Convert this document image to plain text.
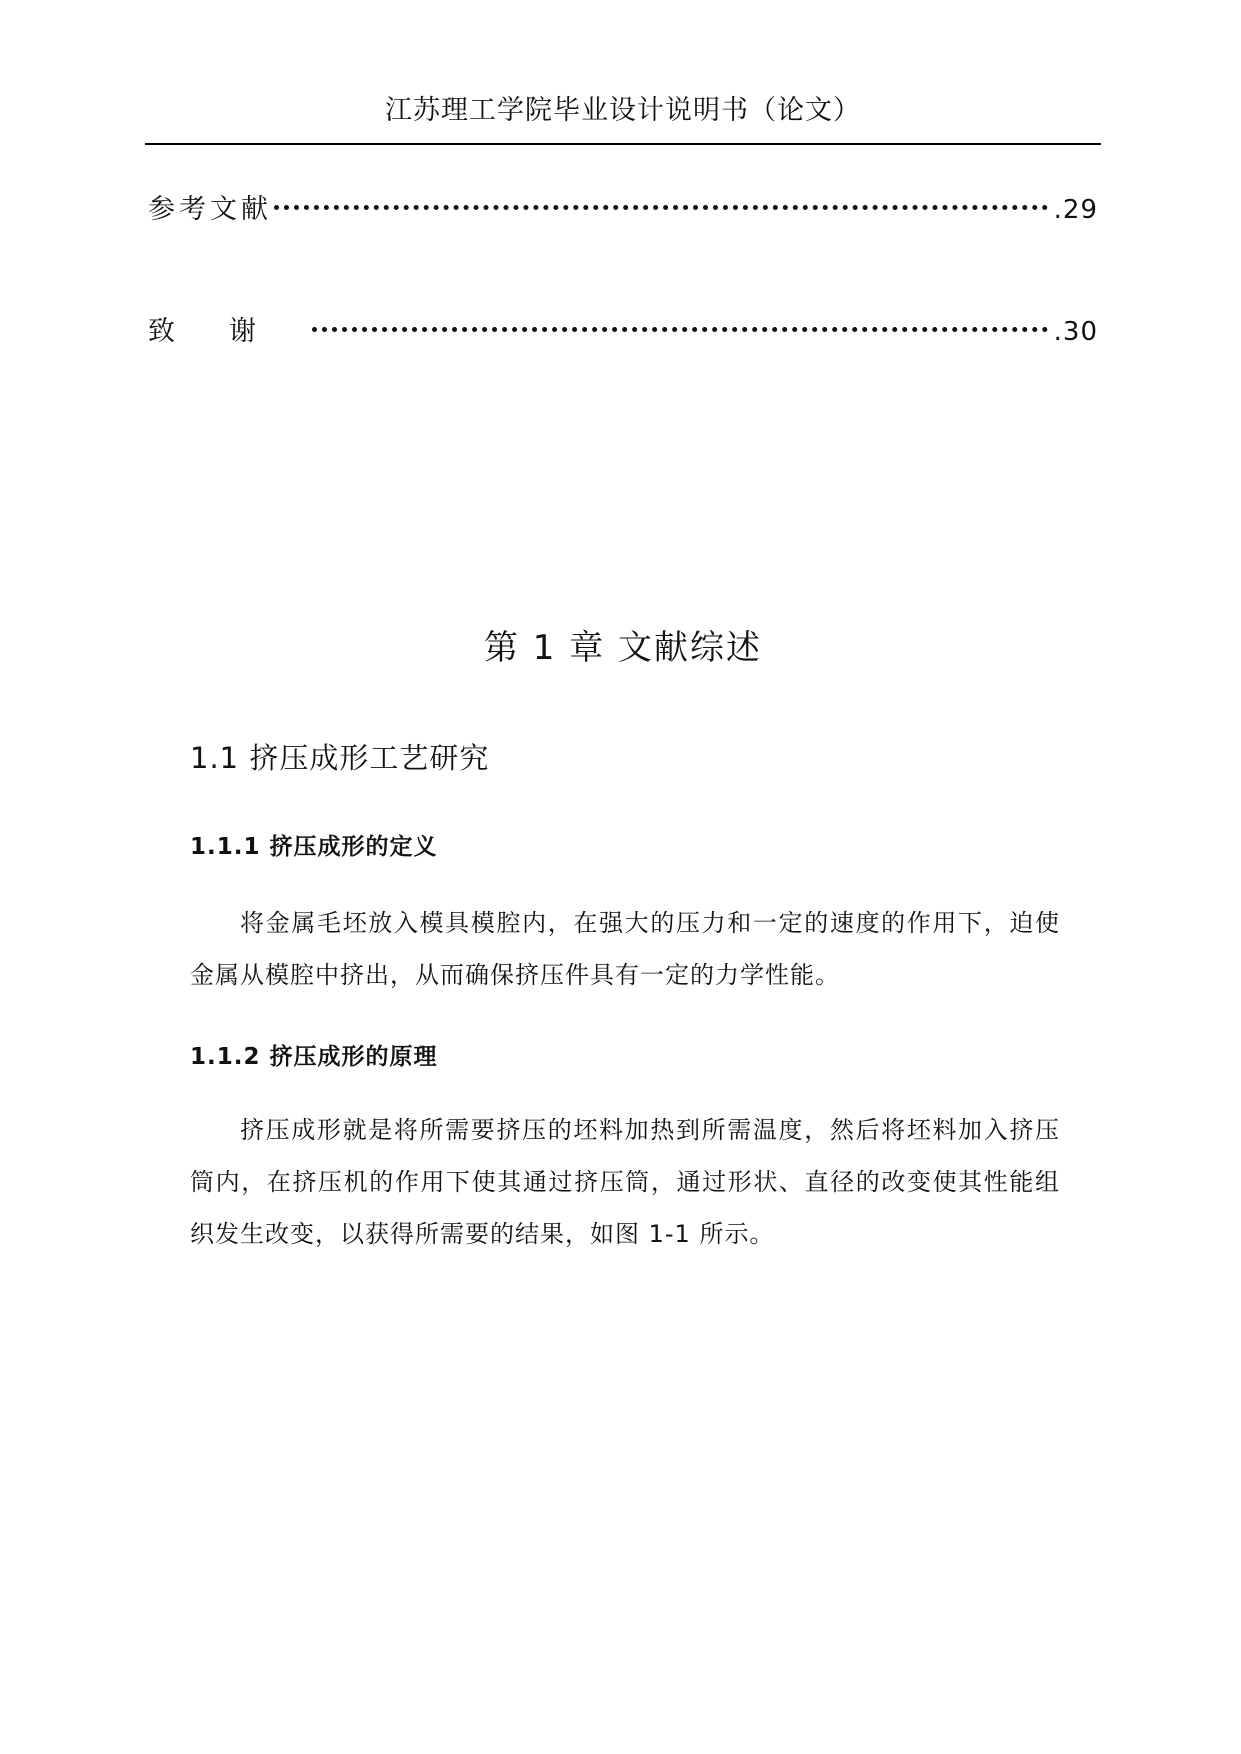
江苏理工学院毕业设计说明书（论文）
参考文献	.29
致谢	.30
第 1 章 文献综述
1.1 挤压成形工艺研究
1.1.1 挤压成形的定义
将金属毛坯放入模具模腔内，在强大的压力和一定的速度的作用下，迫使金属从模腔中挤出，从而确保挤压件具有一定的力学性能。
1.1.2 挤压成形的原理
挤压成形就是将所需要挤压的坯料加热到所需温度，然后将坯料加入挤压筒内，在挤压机的作用下使其通过挤压筒，通过形状、直径的改变使其性能组织发生改变，以获得所需要的结果，如图 1-1 所示。
